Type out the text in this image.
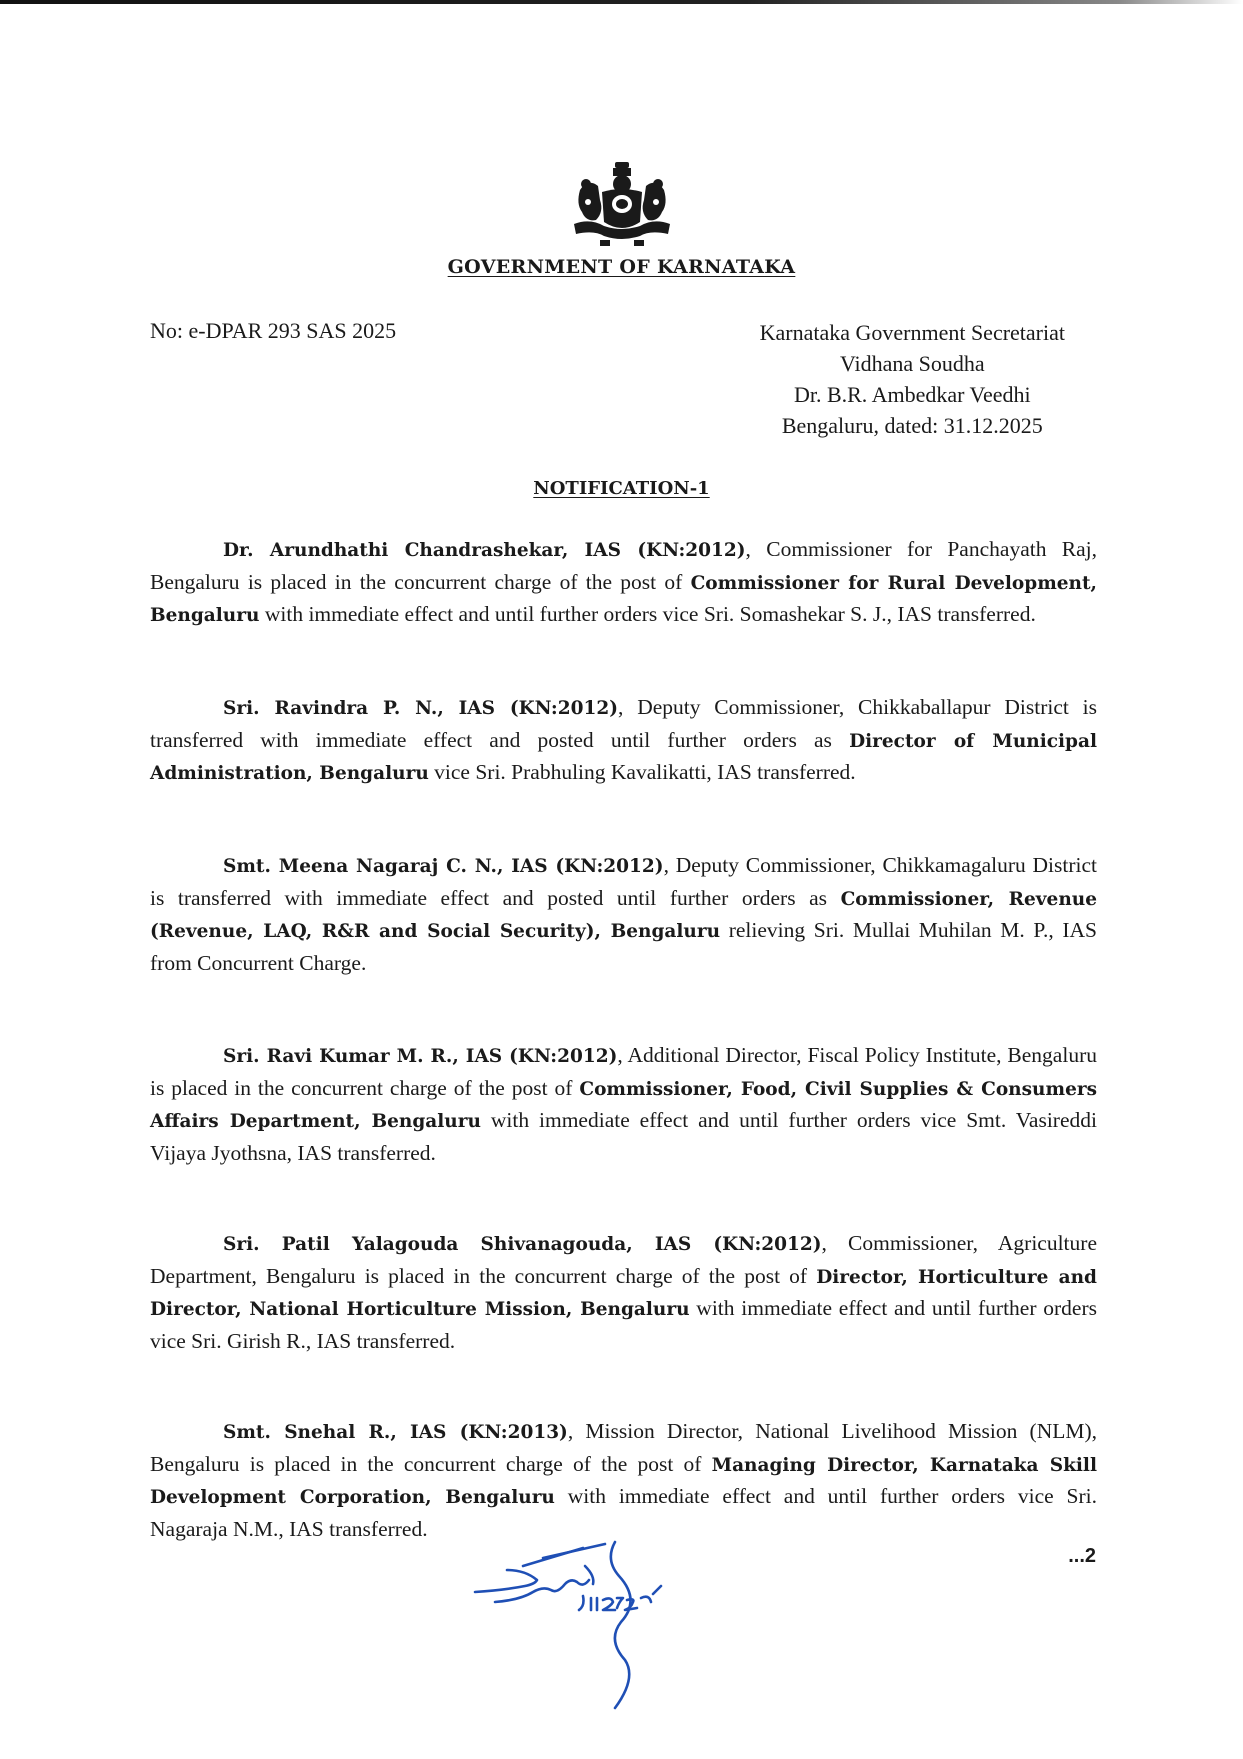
GOVERNMENT OF KARNATAKA
No: e-DPAR 293 SAS 2025	Karnataka Government Secretariat
Vidhana Soudha
Dr. B.R. Ambedkar Veedhi
Bengaluru, dated: 31.12.2025
NOTIFICATION-1
Dr. Arundhathi Chandrashekar, IAS (KN:2012), Commissioner for Panchayath Raj, Bengaluru is placed in the concurrent charge of the post of Commissioner for Rural Development, Bengaluru with immediate effect and until further orders vice Sri. Somashekar S. J., IAS transferred.
Sri. Ravindra P. N., IAS (KN:2012), Deputy Commissioner, Chikkaballapur District is transferred with immediate effect and posted until further orders as Director of Municipal Administration, Bengaluru vice Sri. Prabhuling Kavalikatti, IAS transferred.
Smt. Meena Nagaraj C. N., IAS (KN:2012), Deputy Commissioner, Chikkamagaluru District is transferred with immediate effect and posted until further orders as Commissioner, Revenue (Revenue, LAQ, R&R and Social Security), Bengaluru relieving Sri. Mullai Muhilan M. P., IAS from Concurrent Charge.
Sri. Ravi Kumar M. R., IAS (KN:2012), Additional Director, Fiscal Policy Institute, Bengaluru is placed in the concurrent charge of the post of Commissioner, Food, Civil Supplies & Consumers Affairs Department, Bengaluru with immediate effect and until further orders vice Smt. Vasireddi Vijaya Jyothsna, IAS transferred.
Sri. Patil Yalagouda Shivanagouda, IAS (KN:2012), Commissioner, Agriculture Department, Bengaluru is placed in the concurrent charge of the post of Director, Horticulture and Director, National Horticulture Mission, Bengaluru with immediate effect and until further orders vice Sri. Girish R., IAS transferred.
Smt. Snehal R., IAS (KN:2013), Mission Director, National Livelihood Mission (NLM), Bengaluru is placed in the concurrent charge of the post of Managing Director, Karnataka Skill Development Corporation, Bengaluru with immediate effect and until further orders vice Sri. Nagaraja N.M., IAS transferred.
...2
